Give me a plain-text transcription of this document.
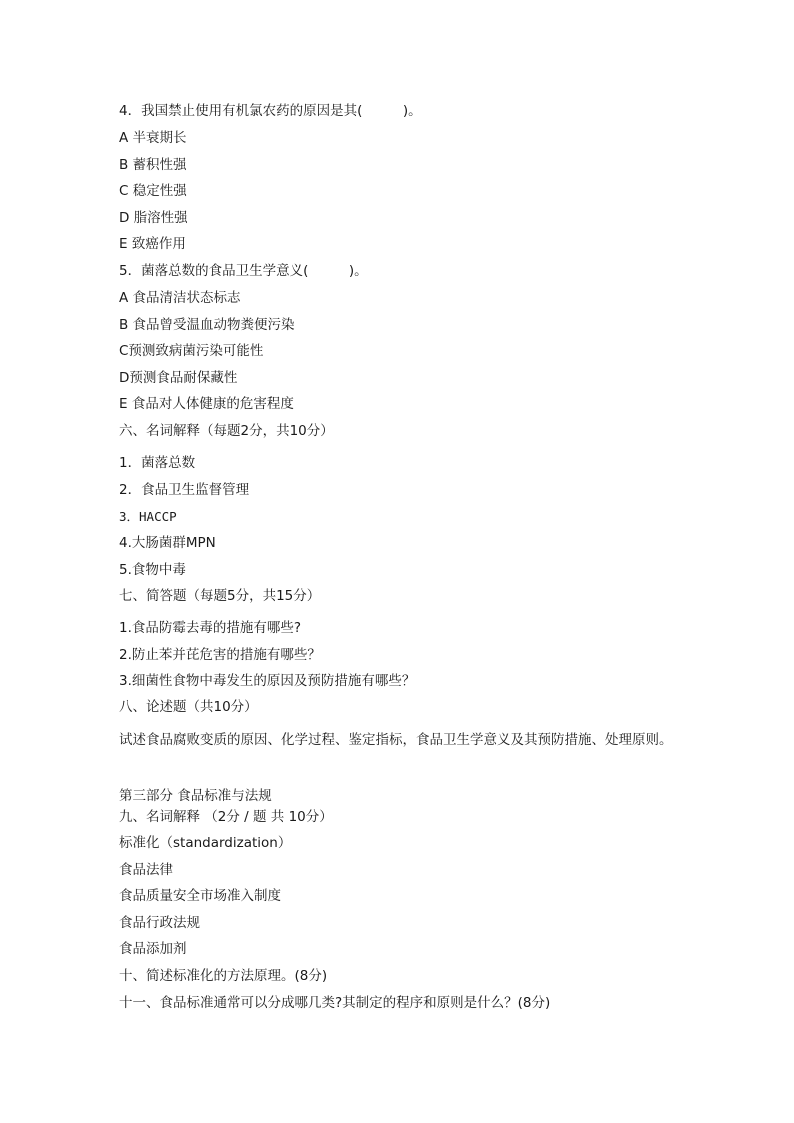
4．我国禁止使用有机氯农药的原因是其(　　　)。
A 半衰期长
B 蓄积性强
C 稳定性强
D 脂溶性强
E 致癌作用
5．菌落总数的食品卫生学意义(　　　)。
A 食品清洁状态标志
B 食品曾受温血动物粪便污染
C预测致病菌污染可能性
D预测食品耐保藏性
E 食品对人体健康的危害程度
六、名词解释（每题2分，共10分）
1．菌落总数
2．食品卫生监督管理
3．HACCP
4.大肠菌群MPN
5.食物中毒
七、简答题（每题5分，共15分）
1.食品防霉去毒的措施有哪些?
2.防止苯并芘危害的措施有哪些？
3.细菌性食物中毒发生的原因及预防措施有哪些？
八、论述题（共10分）
试述食品腐败变质的原因、化学过程、鉴定指标，食品卫生学意义及其预防措施、处理原则。
第三部分 食品标准与法规
九、名词解释 （2分 / 题 共 10分）
标准化（standardization）
食品法律
食品质量安全市场准入制度
食品行政法规
食品添加剂
十、简述标准化的方法原理。(8分)
十一、食品标准通常可以分成哪几类?其制定的程序和原则是什么？(8分)
